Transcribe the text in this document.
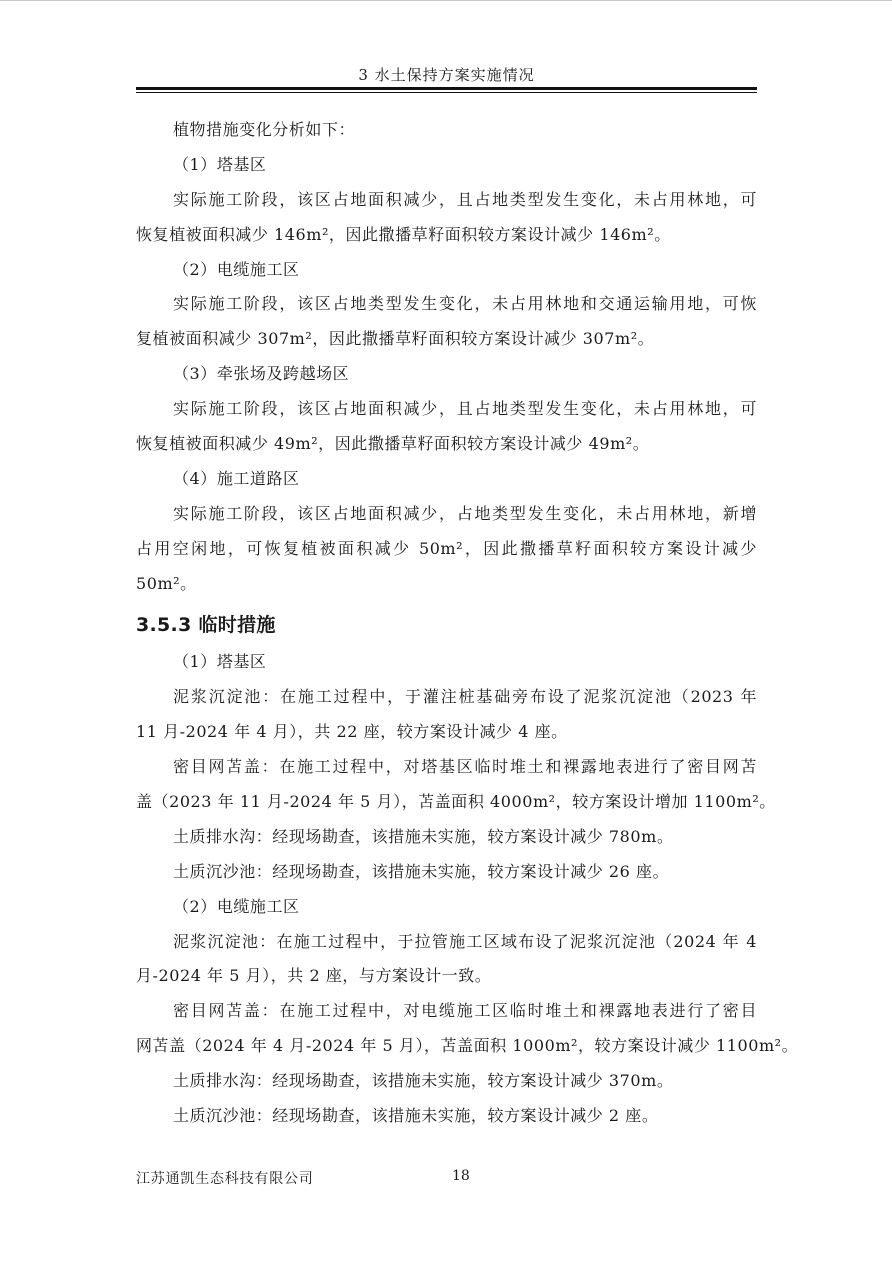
3 水土保持方案实施情况
植物措施变化分析如下：
（1）塔基区
实际施工阶段，该区占地面积减少，且占地类型发生变化，未占用林地，可
恢复植被面积减少 146m²，因此撒播草籽面积较方案设计减少 146m²。
（2）电缆施工区
实际施工阶段，该区占地类型发生变化，未占用林地和交通运输用地，可恢
复植被面积减少 307m²，因此撒播草籽面积较方案设计减少 307m²。
（3）牵张场及跨越场区
实际施工阶段，该区占地面积减少，且占地类型发生变化，未占用林地，可
恢复植被面积减少 49m²，因此撒播草籽面积较方案设计减少 49m²。
（4）施工道路区
实际施工阶段，该区占地面积减少，占地类型发生变化，未占用林地，新增
占用空闲地，可恢复植被面积减少 50m²，因此撒播草籽面积较方案设计减少
50m²。
3.5.3 临时措施
（1）塔基区
泥浆沉淀池：在施工过程中，于灌注桩基础旁布设了泥浆沉淀池（2023 年
11 月-2024 年 4 月），共 22 座，较方案设计减少 4 座。
密目网苫盖：在施工过程中，对塔基区临时堆土和裸露地表进行了密目网苫
盖（2023 年 11 月-2024 年 5 月），苫盖面积 4000m²，较方案设计增加 1100m²。
土质排水沟：经现场勘查，该措施未实施，较方案设计减少 780m。
土质沉沙池：经现场勘查，该措施未实施，较方案设计减少 26 座。
（2）电缆施工区
泥浆沉淀池：在施工过程中，于拉管施工区域布设了泥浆沉淀池（2024 年 4
月-2024 年 5 月），共 2 座，与方案设计一致。
密目网苫盖：在施工过程中，对电缆施工区临时堆土和裸露地表进行了密目
网苫盖（2024 年 4 月-2024 年 5 月），苫盖面积 1000m²，较方案设计减少 1100m²。
土质排水沟：经现场勘查，该措施未实施，较方案设计减少 370m。
土质沉沙池：经现场勘查，该措施未实施，较方案设计减少 2 座。
江苏通凯生态科技有限公司	18
